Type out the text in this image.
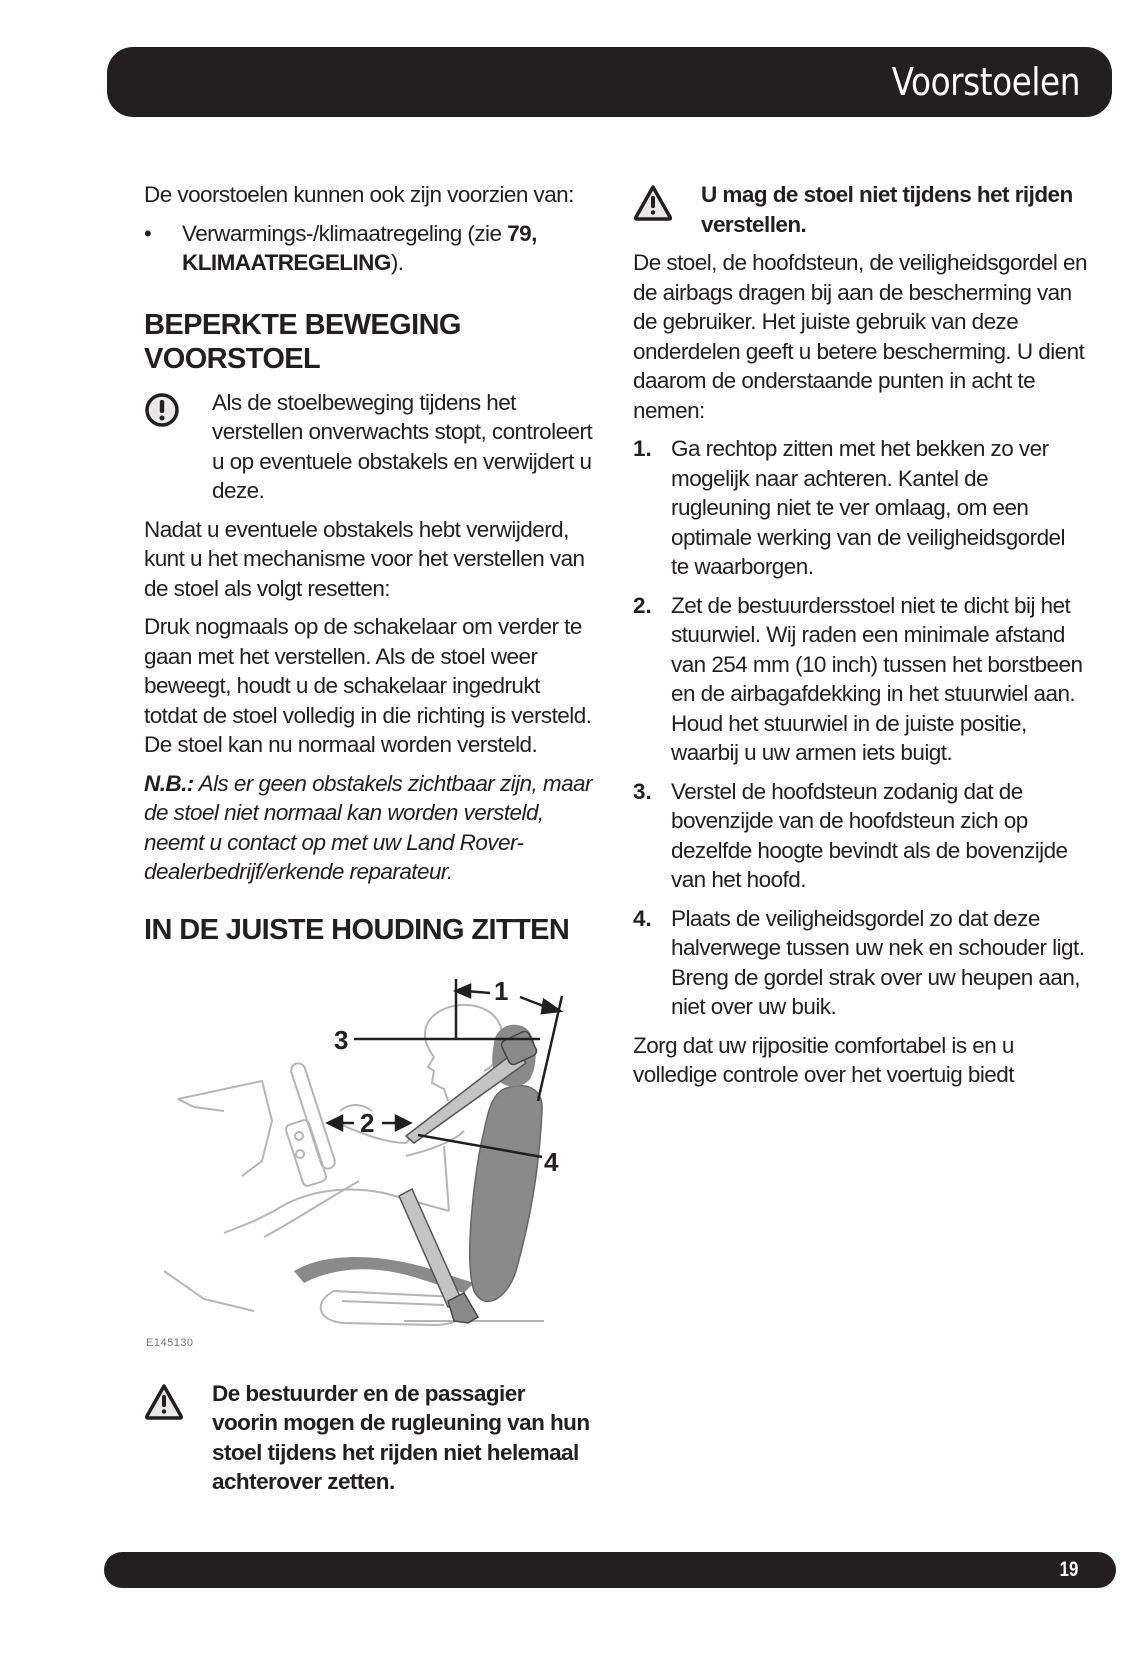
Voorstoelen

De voorstoelen kunnen ook zijn voorzien van:

•	Verwarmings-/klimaatregeling (zie 79,
KLIMAATREGELING).

BEPERKTE BEWEGING VOORSTOEL

Als de stoelbeweging tijdens het verstellen onverwachts stopt, controleert u op eventuele obstakels en verwijdert u deze.

Nadat u eventuele obstakels hebt verwijderd, kunt u het mechanisme voor het verstellen van de stoel als volgt resetten:

Druk nogmaals op de schakelaar om verder te gaan met het verstellen. Als de stoel weer beweegt, houdt u de schakelaar ingedrukt totdat de stoel volledig in die richting is versteld. De stoel kan nu normaal worden versteld.

N.B.: Als er geen obstakels zichtbaar zijn, maar de stoel niet normaal kan worden versteld, neemt u contact op met uw Land Rover-dealerbedrijf/erkende reparateur.

IN DE JUISTE HOUDING ZITTEN
1
2
3
4
E145130

De bestuurder en de passagier voorin mogen de rugleuning van hun stoel tijdens het rijden niet helemaal achterover zetten.

U mag de stoel niet tijdens het rijden verstellen.

De stoel, de hoofdsteun, de veiligheidsgordel en de airbags dragen bij aan de bescherming van de gebruiker. Het juiste gebruik van deze onderdelen geeft u betere bescherming. U dient daarom de onderstaande punten in acht te nemen:

1. Ga rechtop zitten met het bekken zo ver mogelijk naar achteren. Kantel de rugleuning niet te ver omlaag, om een optimale werking van de veiligheidsgordel te waarborgen.

2. Zet de bestuurdersstoel niet te dicht bij het stuurwiel. Wij raden een minimale afstand van 254 mm (10 inch) tussen het borstbeen en de airbagafdekking in het stuurwiel aan. Houd het stuurwiel in de juiste positie, waarbij u uw armen iets buigt.

3. Verstel de hoofdsteun zodanig dat de bovenzijde van de hoofdsteun zich op dezelfde hoogte bevindt als de bovenzijde van het hoofd.

4. Plaats de veiligheidsgordel zo dat deze halverwege tussen uw nek en schouder ligt. Breng de gordel strak over uw heupen aan, niet over uw buik.

Zorg dat uw rijpositie comfortabel is en u volledige controle over het voertuig biedt

19
